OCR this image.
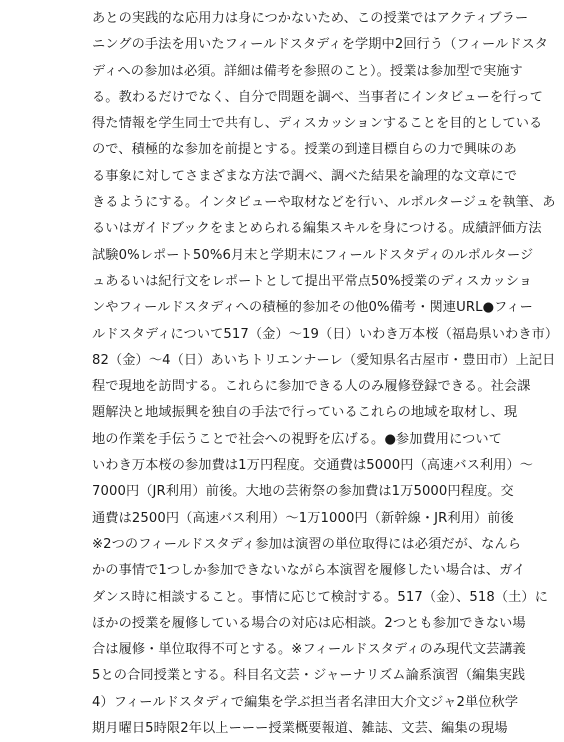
あとの実践的な応用力は身につかないため、この授業ではアクティブラー
ニングの手法を用いたフィールドスタディを学期中2回行う（フィールドスタ
ディへの参加は必須。詳細は備考を参照のこと）。授業は参加型で実施す
る。教わるだけでなく、自分で問題を調べ、当事者にインタビューを行って
得た情報を学生同士で共有し、ディスカッションすることを目的としている
ので、積極的な参加を前提とする。授業の到達目標自らの力で興味のあ
る事象に対してさまざまな方法で調べ、調べた結果を論理的な文章にで
きるようにする。インタビューや取材などを行い、ルポルタージュを執筆、あ
るいはガイドブックをまとめられる編集スキルを身につける。成績評価方法
試験0%レポート50%6月末と学期末にフィールドスタディのルポルタージ
ュあるいは紀行文をレポートとして提出平常点50%授業のディスカッショ
ンやフィールドスタディへの積極的参加その他0%備考・関連URL●フィー
ルドスタディについて517（金）〜19（日）いわき万本桜（福島県いわき市）
82（金）〜4（日）あいちトリエンナーレ（愛知県名古屋市・豊田市）上記日
程で現地を訪問する。これらに参加できる人のみ履修登録できる。社会課
題解決と地域振興を独自の手法で行っているこれらの地域を取材し、現
地の作業を手伝うことで社会への視野を広げる。●参加費用について
いわき万本桜の参加費は1万円程度。交通費は5000円（高速バス利用）〜
7000円（JR利用）前後。大地の芸術祭の参加費は1万5000円程度。交
通費は2500円（高速バス利用）〜1万1000円（新幹線・JR利用）前後
※2つのフィールドスタディ参加は演習の単位取得には必須だが、なんら
かの事情で1つしか参加できないながら本演習を履修したい場合は、ガイ
ダンス時に相談すること。事情に応じて検討する。517（金）、518（土）に
ほかの授業を履修している場合の対応は応相談。2つとも参加できない場
合は履修・単位取得不可とする。※フィールドスタディのみ現代文芸講義
5との合同授業とする。科目名文芸・ジャーナリズム論系演習（編集実践
4）フィールドスタディで編集を学ぶ担当者名津田大介文ジャ2単位秋学
期月曜日5時限2年以上ーーー授業概要報道、雑誌、文芸、編集の現場
